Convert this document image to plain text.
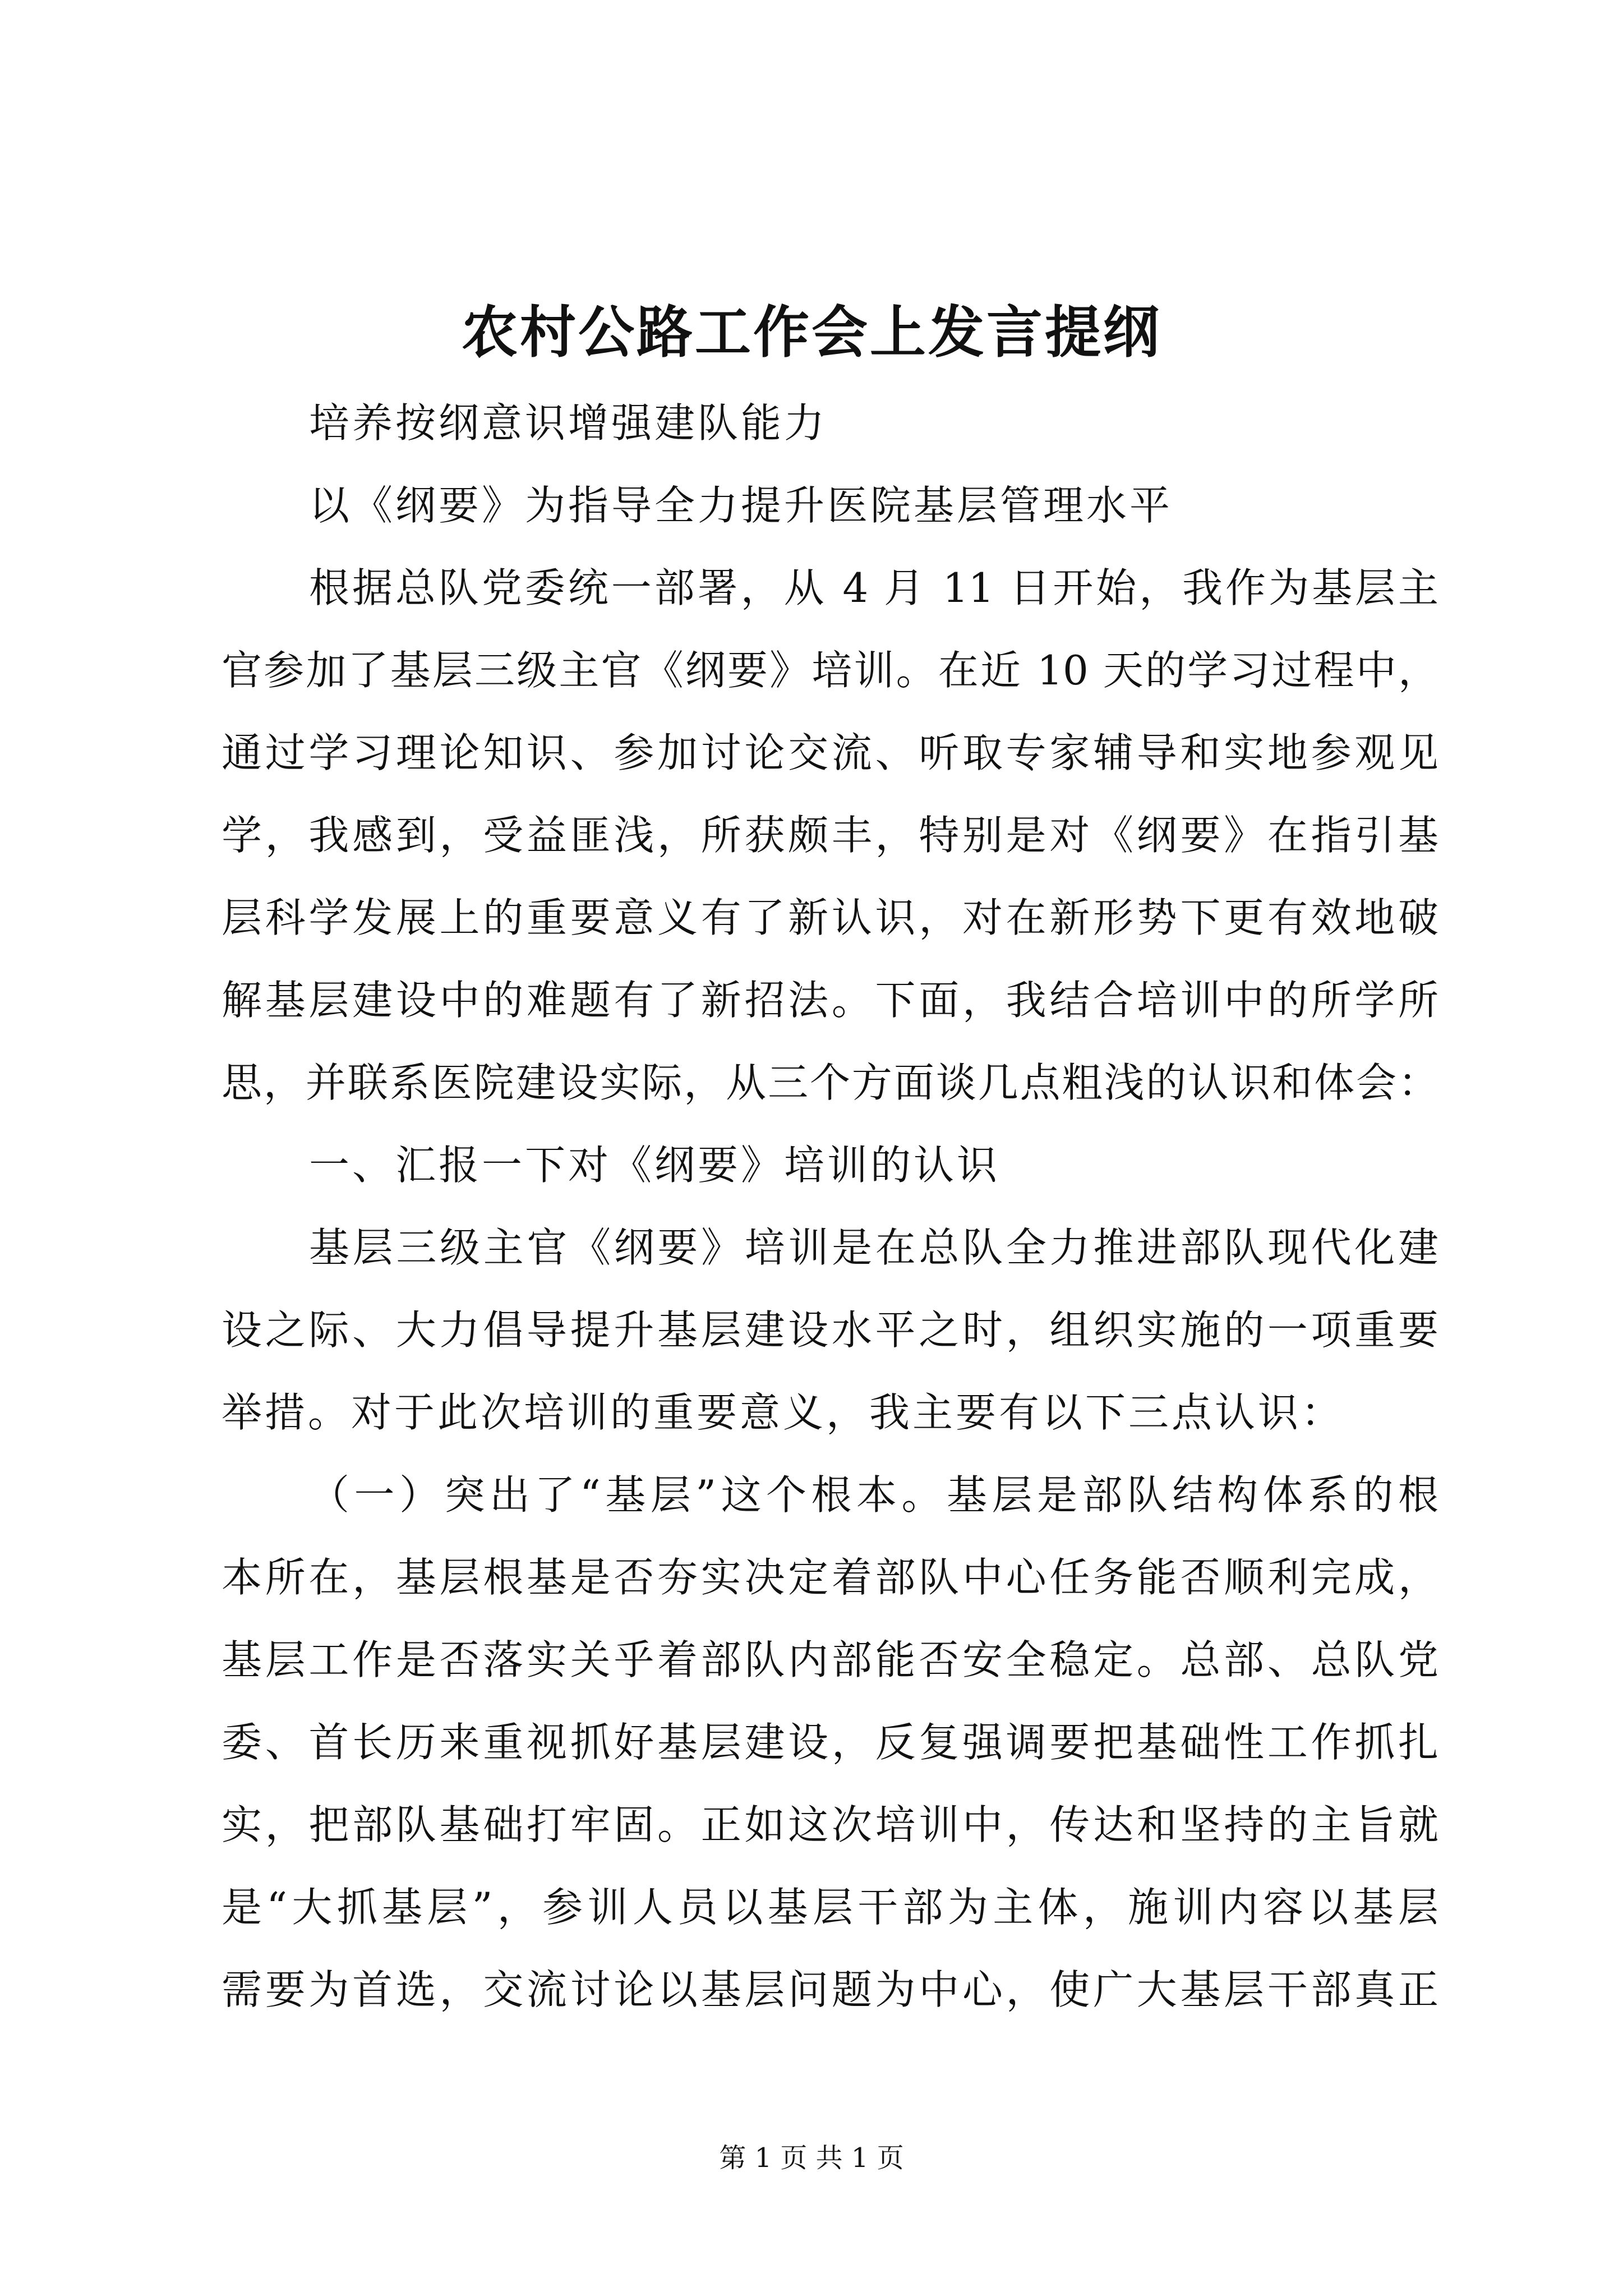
农村公路工作会上发言提纲
培养按纲意识增强建队能力
以《纲要》为指导全力提升医院基层管理水平
根据总队党委统一部署，从 4 月 11 日开始，我作为基层主
官参加了基层三级主官《纲要》培训。在近 10 天的学习过程中，
通过学习理论知识、参加讨论交流、听取专家辅导和实地参观见
学，我感到，受益匪浅，所获颇丰，特别是对《纲要》在指引基
层科学发展上的重要意义有了新认识，对在新形势下更有效地破
解基层建设中的难题有了新招法。下面，我结合培训中的所学所
思，并联系医院建设实际，从三个方面谈几点粗浅的认识和体会：
一、汇报一下对《纲要》培训的认识
基层三级主官《纲要》培训是在总队全力推进部队现代化建
设之际、大力倡导提升基层建设水平之时，组织实施的一项重要
举措。对于此次培训的重要意义，我主要有以下三点认识：
（一）突出了“基层”这个根本。基层是部队结构体系的根
本所在，基层根基是否夯实决定着部队中心任务能否顺利完成，
基层工作是否落实关乎着部队内部能否安全稳定。总部、总队党
委、首长历来重视抓好基层建设，反复强调要把基础性工作抓扎
实，把部队基础打牢固。正如这次培训中，传达和坚持的主旨就
是“大抓基层”，参训人员以基层干部为主体，施训内容以基层
需要为首选，交流讨论以基层问题为中心，使广大基层干部真正
第 1 页 共 1 页
